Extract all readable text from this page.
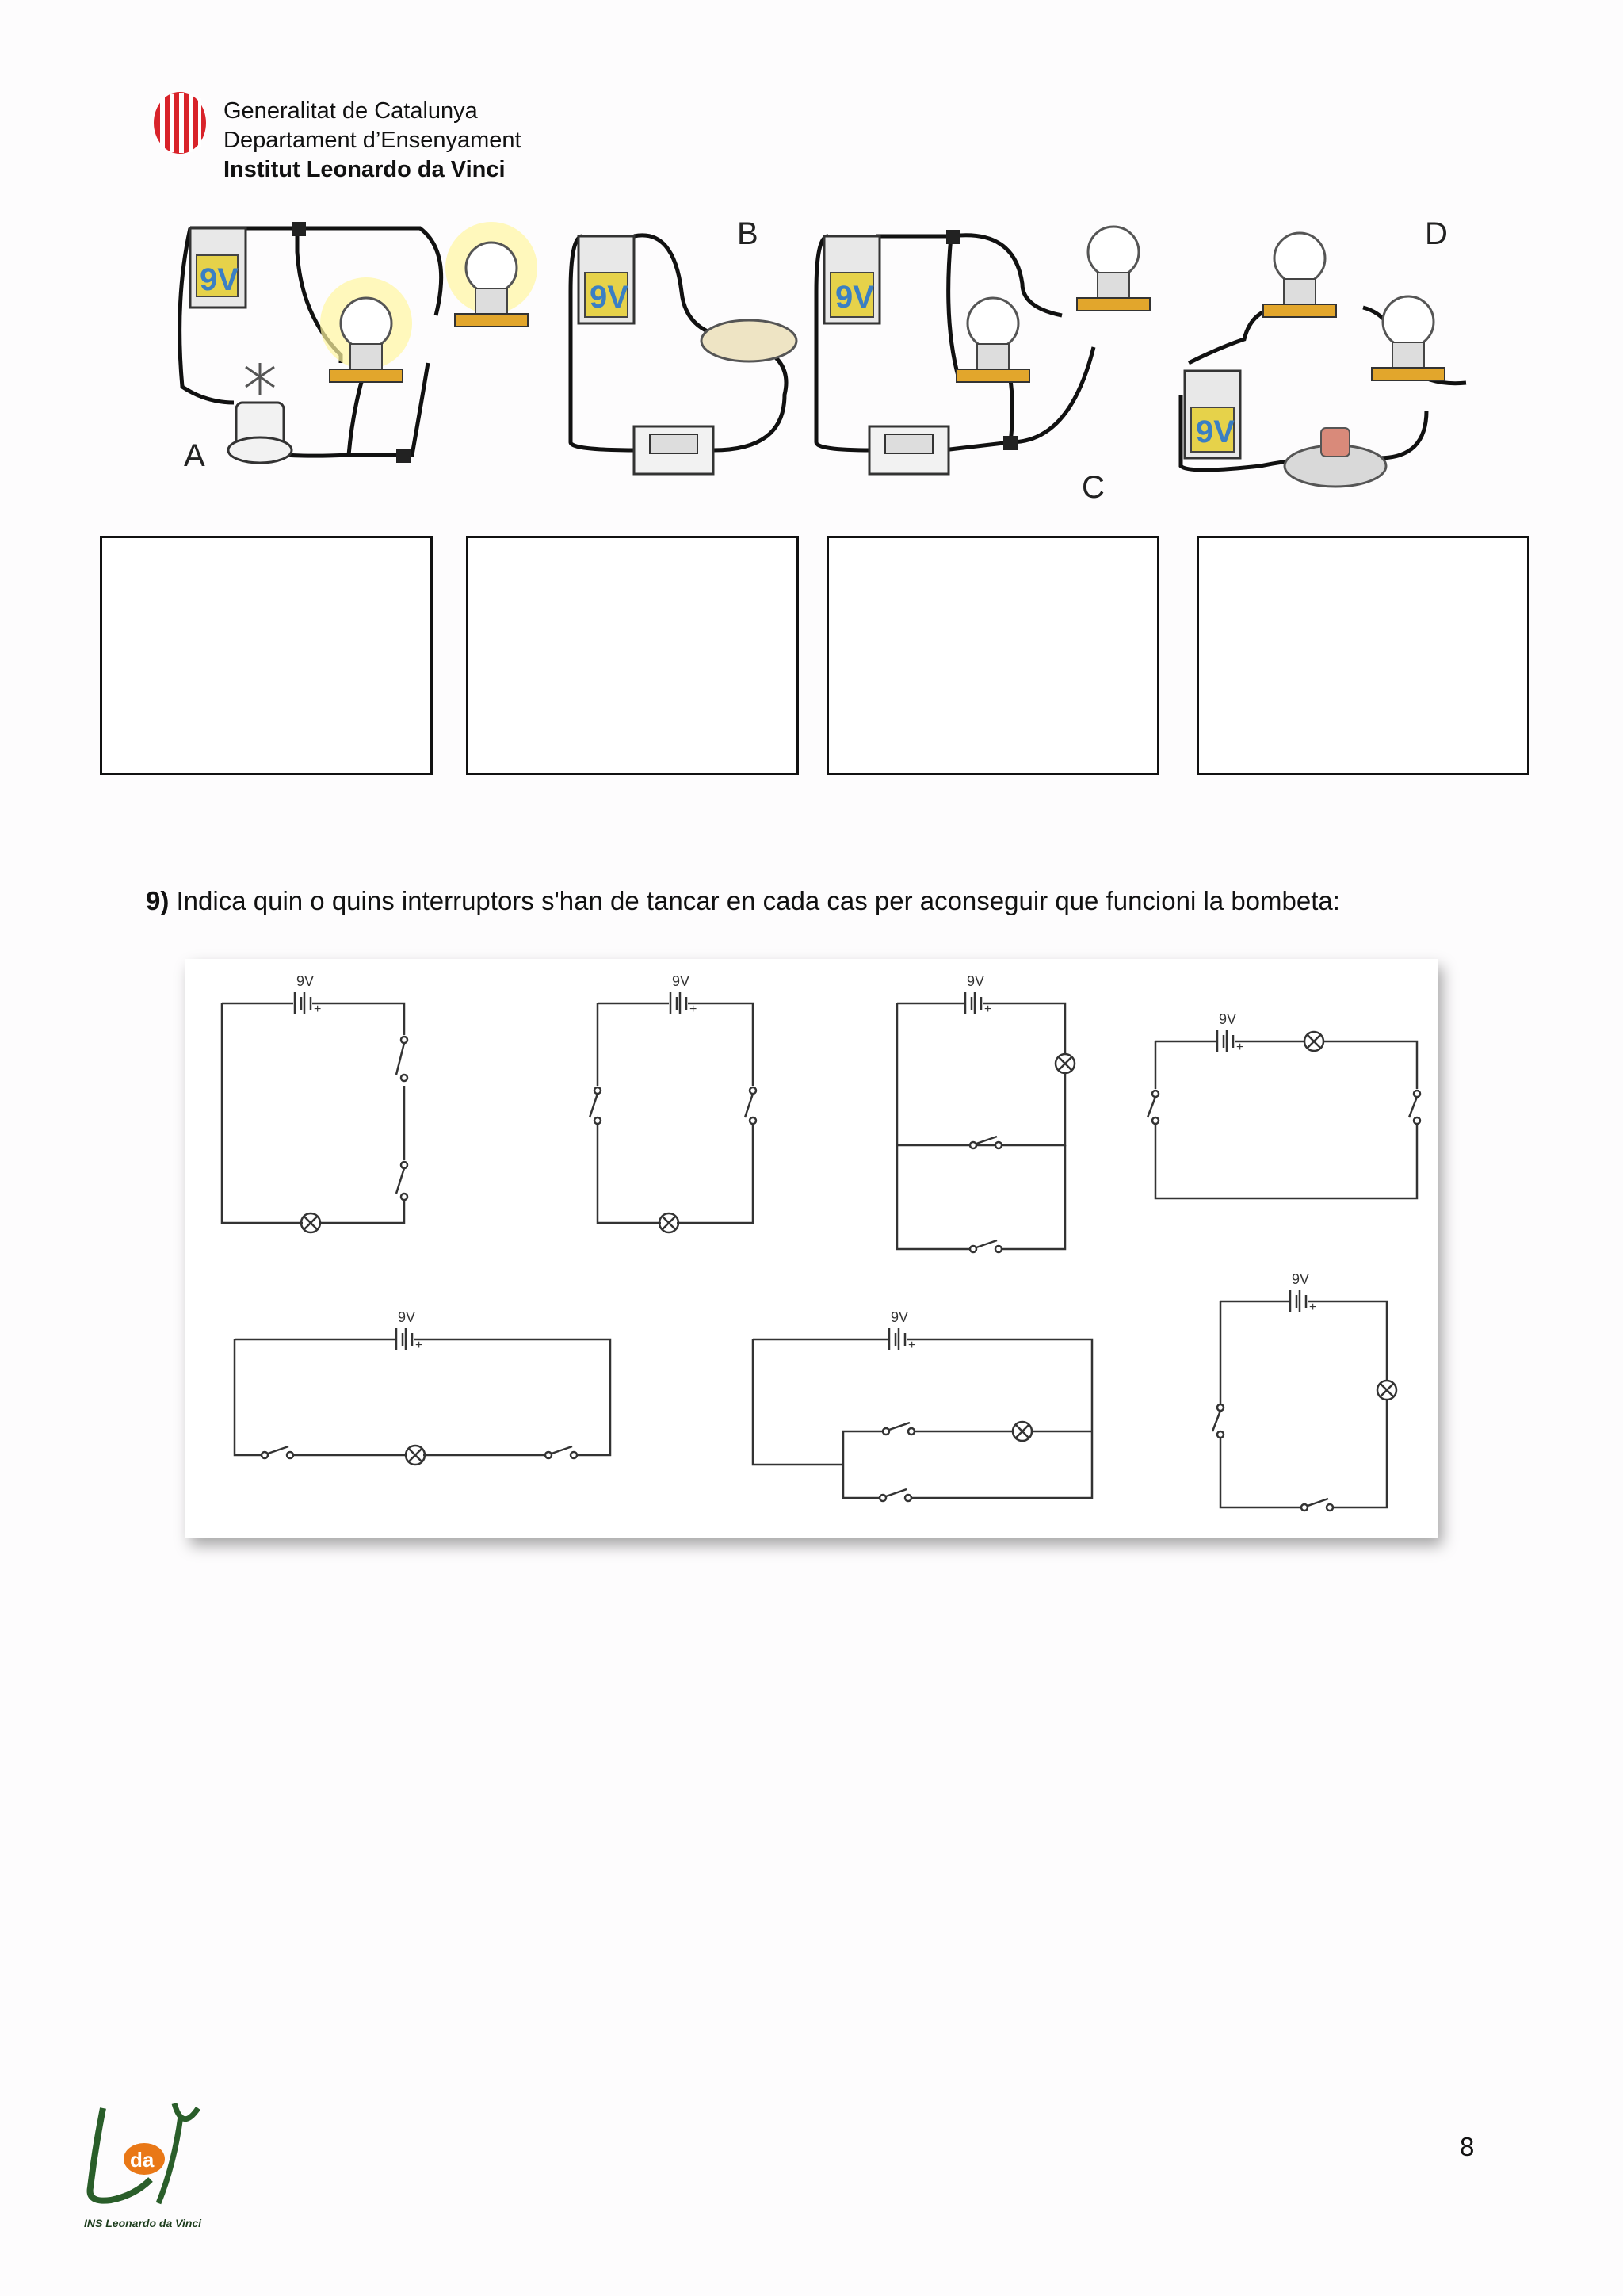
Generalitat de Catalunya
Departament d’Ensenyament
Institut Leonardo da Vinci
9V
A
9V
B
9V
C
9V
D
9) Indica quin o quins interruptors s'han de tancar en cada cas per aconseguir que funcioni la bombeta:
9V
+
9V
+
9V
+
9V
+
9V
+
9V
+
9V
+
da
INS Leonardo da Vinci
8
